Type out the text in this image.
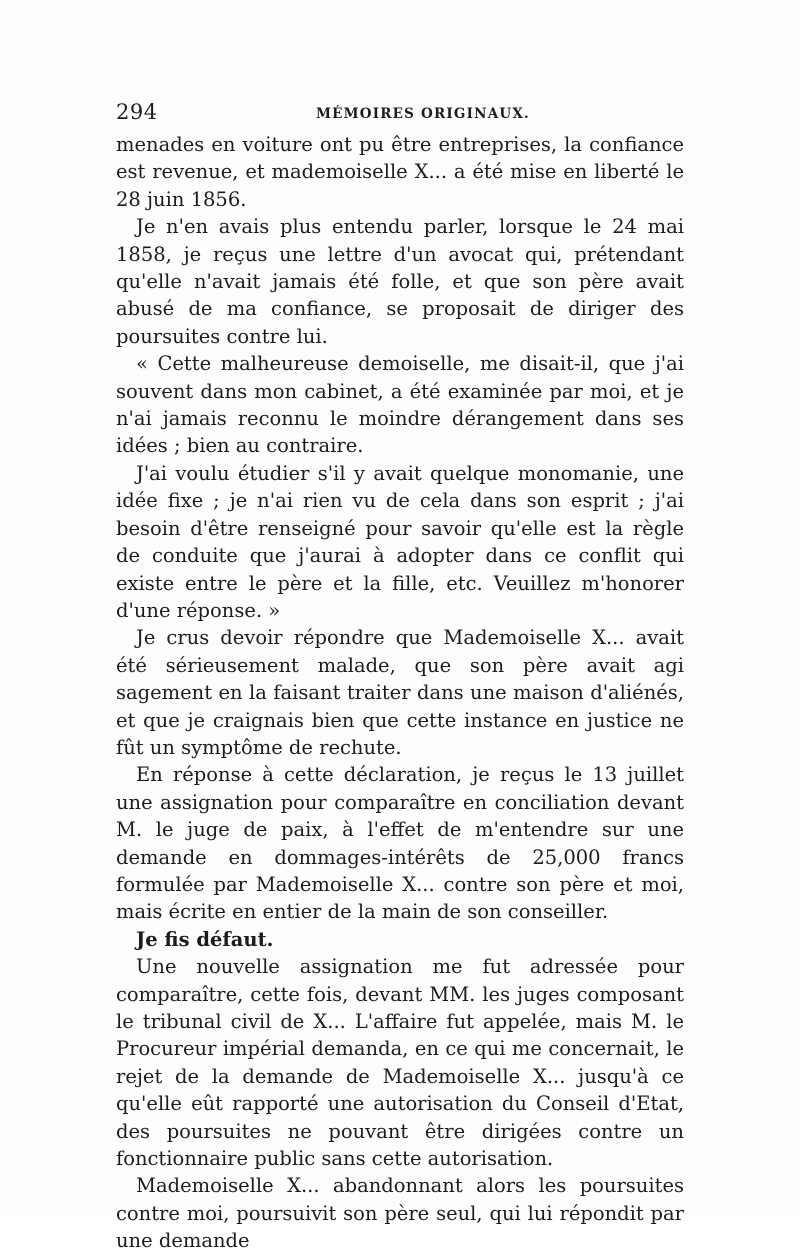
294	MÉMOIRES ORIGINAUX.

menades en voiture ont pu être entreprises, la confiance est revenue, et mademoiselle X... a été mise en liberté le 28 juin 1856.

Je n'en avais plus entendu parler, lorsque le 24 mai 1858, je reçus une lettre d'un avocat qui, prétendant qu'elle n'avait jamais été folle, et que son père avait abusé de ma confiance, se proposait de diriger des poursuites contre lui.

« Cette malheureuse demoiselle, me disait-il, que j'ai souvent dans mon cabinet, a été examinée par moi, et je n'ai jamais reconnu le moindre dérangement dans ses idées ; bien au contraire.

J'ai voulu étudier s'il y avait quelque monomanie, une idée fixe ; je n'ai rien vu de cela dans son esprit ; j'ai besoin d'être renseigné pour savoir qu'elle est la règle de conduite que j'aurai à adopter dans ce conflit qui existe entre le père et la fille, etc. Veuillez m'honorer d'une réponse. »

Je crus devoir répondre que Mademoiselle X... avait été sérieusement malade, que son père avait agi sagement en la faisant traiter dans une maison d'aliénés, et que je craignais bien que cette instance en justice ne fût un symptôme de rechute.

En réponse à cette déclaration, je reçus le 13 juillet une assignation pour comparaître en conciliation devant M. le juge de paix, à l'effet de m'entendre sur une demande en dommages-intérêts de 25,000 francs formulée par Mademoiselle X... contre son père et moi, mais écrite en entier de la main de son conseiller.

Je fis défaut.

Une nouvelle assignation me fut adressée pour comparaître, cette fois, devant MM. les juges composant le tribunal civil de X... L'affaire fut appelée, mais M. le Procureur impérial demanda, en ce qui me concernait, le rejet de la demande de Mademoiselle X... jusqu'à ce qu'elle eût rapporté une autorisation du Conseil d'Etat, des poursuites ne pouvant être dirigées contre un fonctionnaire public sans cette autorisation.

Mademoiselle X... abandonnant alors les poursuites contre moi, poursuivit son père seul, qui lui répondit par une demande
